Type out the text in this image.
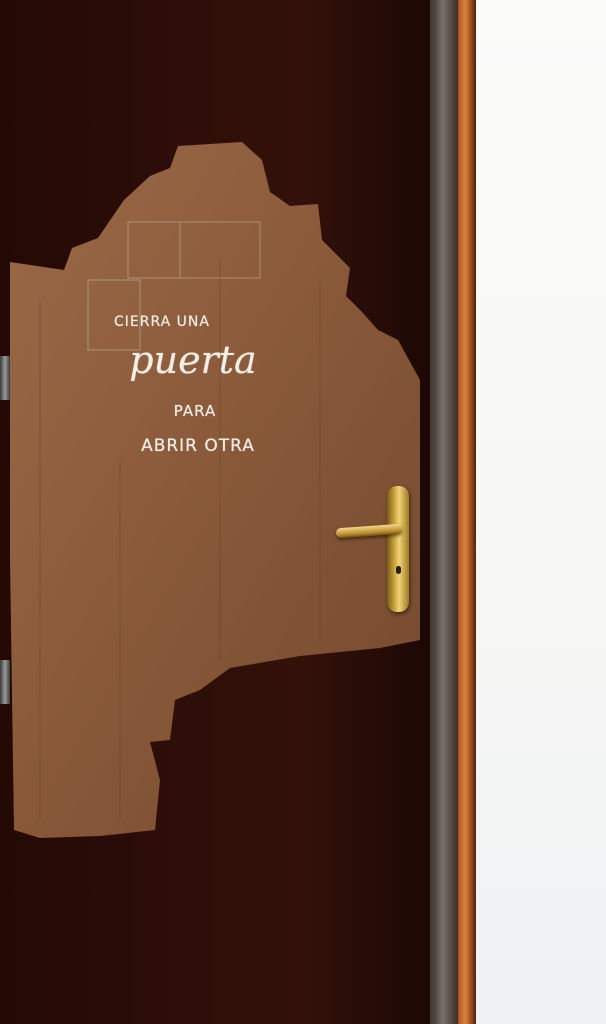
CIERRA UNA
puerta
PARA
ABRIR OTRA
